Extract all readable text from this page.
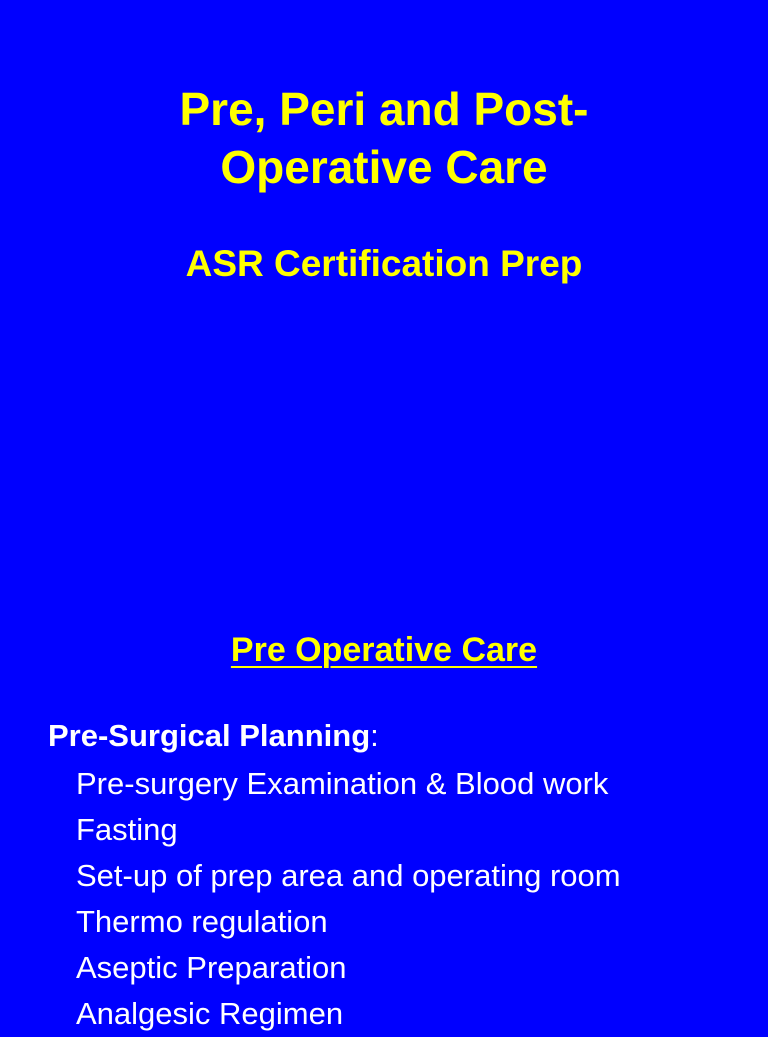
Pre, Peri and Post-
Operative Care
ASR Certification Prep
Pre Operative Care

Pre-Surgical Planning:

Pre-surgery Examination & Blood work
Fasting
Set-up of prep area and operating room
Thermo regulation
Aseptic Preparation
Analgesic Regimen
